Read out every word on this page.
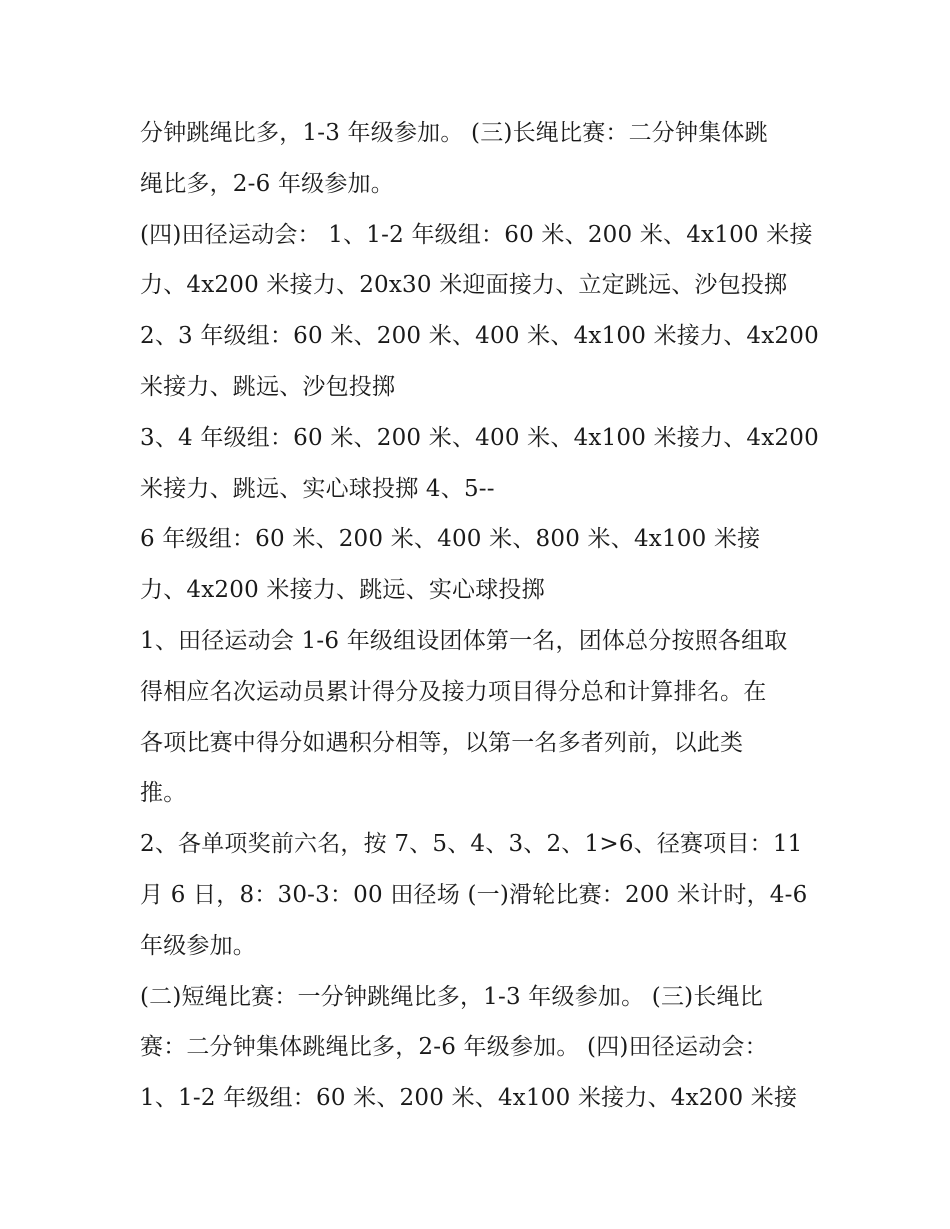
分钟跳绳比多，1-3 年级参加。 (三)长绳比赛：二分钟集体跳
绳比多，2-6 年级参加。
(四)田径运动会： 1、1-2 年级组：60 米、200 米、4x100 米接
力、4x200 米接力、20x30 米迎面接力、立定跳远、沙包投掷
2、3 年级组：60 米、200 米、400 米、4x100 米接力、4x200
米接力、跳远、沙包投掷
3、4 年级组：60 米、200 米、400 米、4x100 米接力、4x200
米接力、跳远、实心球投掷 4、5--
6 年级组：60 米、200 米、400 米、800 米、4x100 米接
力、4x200 米接力、跳远、实心球投掷
1、田径运动会 1-6 年级组设团体第一名，团体总分按照各组取
得相应名次运动员累计得分及接力项目得分总和计算排名。在
各项比赛中得分如遇积分相等，以第一名多者列前，以此类
推。
2、各单项奖前六名，按 7、5、4、3、2、1>6、径赛项目：11
月 6 日，8：30-3：00 田径场 (一)滑轮比赛：200 米计时，4-6
年级参加。
(二)短绳比赛：一分钟跳绳比多，1-3 年级参加。 (三)长绳比
赛：二分钟集体跳绳比多，2-6 年级参加。 (四)田径运动会：
1、1-2 年级组：60 米、200 米、4x100 米接力、4x200 米接
